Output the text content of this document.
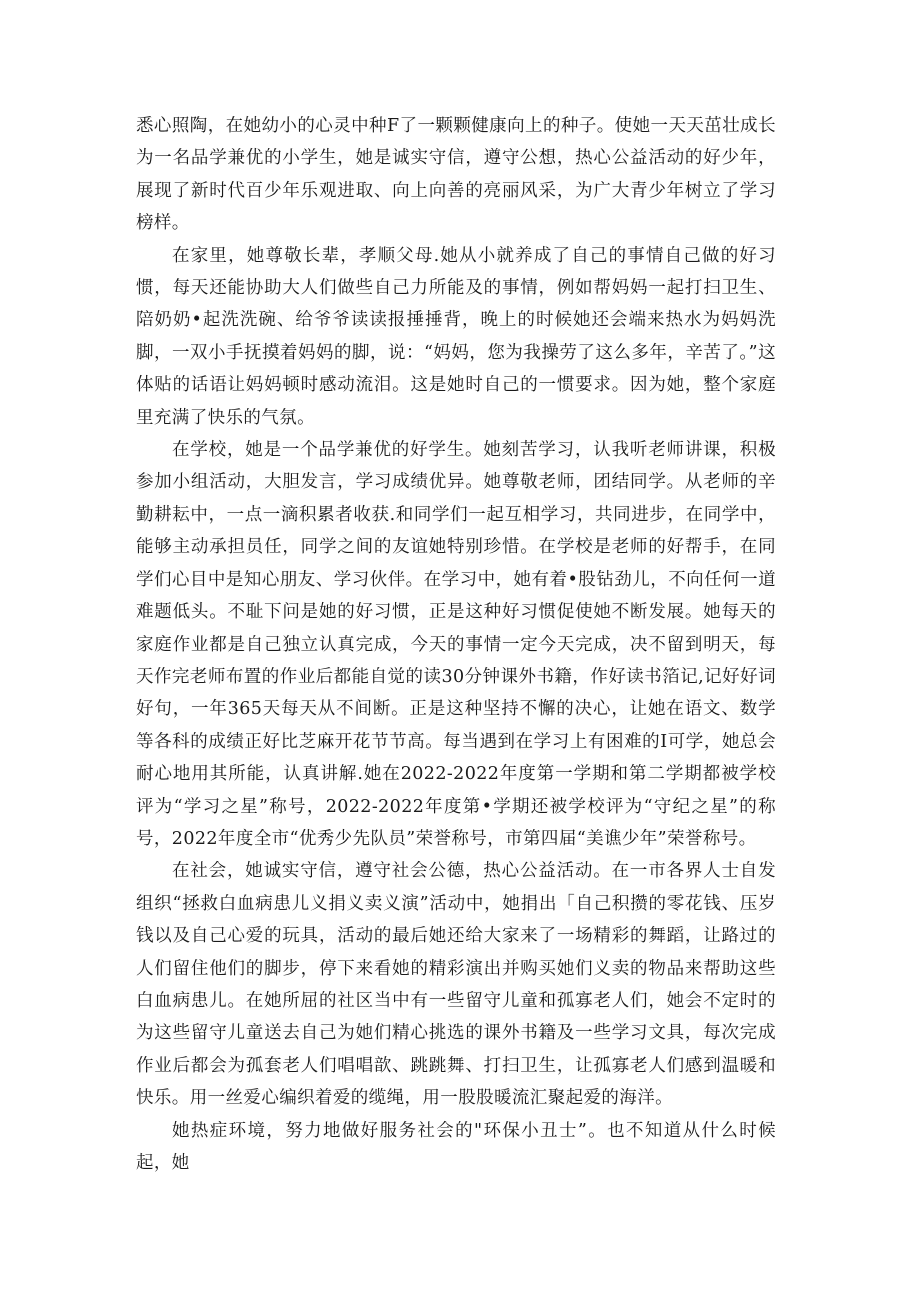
悉心照陶，在她幼小的心灵中种F了一颗颗健康向上的种子。使她一天天茁壮成长为一名品学兼优的小学生，她是诚实守信，遵守公想，热心公益活动的好少年，展现了新时代百少年乐观进取、向上向善的亮丽风采，为广大青少年树立了学习榜样。

在家里，她尊敬长辈，孝顺父母.她从小就养成了自己的事情自己做的好习惯，每天还能协助大人们做些自己力所能及的事情，例如帮妈妈一起打扫卫生、陪奶奶•起洗洗碗、给爷爷读读报捶捶背，晚上的时候她还会端来热水为妈妈洗脚，一双小手抚摸着妈妈的脚，说：“妈妈，您为我操劳了这么多年，辛苦了。”这体贴的话语让妈妈顿时感动流泪。这是她时自己的一惯要求。因为她，整个家庭里充满了快乐的气氛。

在学校，她是一个品学兼优的好学生。她刻苦学习，认我听老师讲课，积极参加小组活动，大胆发言，学习成绩优异。她尊敬老师，团结同学。从老师的辛勤耕耘中，一点一滴积累者收获.和同学们一起互相学习，共同进步，在同学中，能够主动承担员任，同学之间的友谊她特别珍惜。在学校是老师的好帮手，在同学们心目中是知心朋友、学习伙伴。在学习中，她有着•股钻劲儿，不向任何一道难题低头。不耻下问是她的好习惯，正是这种好习惯促使她不断发展。她每天的家庭作业都是自己独立认真完成，今天的事情一定今天完成，决不留到明天，每天作完老师布置的作业后都能自觉的读30分钟课外书籍，作好读书箔记,记好好词好句，一年365天每天从不间断。正是这种坚持不懈的决心，让她在语文、数学等各科的成绩正好比芝麻开花节节高。每当遇到在学习上有困难的I可学，她总会耐心地用其所能，认真讲解.她在2022-2022年度第一学期和第二学期都被学校评为“学习之星”称号，2022-2022年度第•学期还被学校评为“守纪之星”的称号，2022年度全市“优秀少先队员”荣誉称号，市第四届“美谯少年”荣誉称号。

在社会，她诚实守信，遵守社会公德，热心公益活动。在一市各界人士自发组织“拯救白血病患儿义捐义卖义演”活动中，她捐出「自己积攒的零花钱、压岁钱以及自己心爱的玩具，活动的最后她还给大家来了一场精彩的舞蹈，让路过的人们留住他们的脚步，停下来看她的精彩演出并购买她们义卖的物品来帮助这些白血病患儿。在她所屈的社区当中有一些留守儿童和孤寡老人们，她会不定时的为这些留守儿童送去自己为她们精心挑选的课外书籍及一些学习文具，每次完成作业后都会为孤套老人们唱唱歆、跳跳舞、打扫卫生，让孤寡老人们感到温暖和快乐。用一丝爱心编织着爱的缆绳，用一股股暖流汇聚起爱的海洋。

她热症环境，努力地做好服务社会的"环保小丑士”。也不知道从什么时候起，她
